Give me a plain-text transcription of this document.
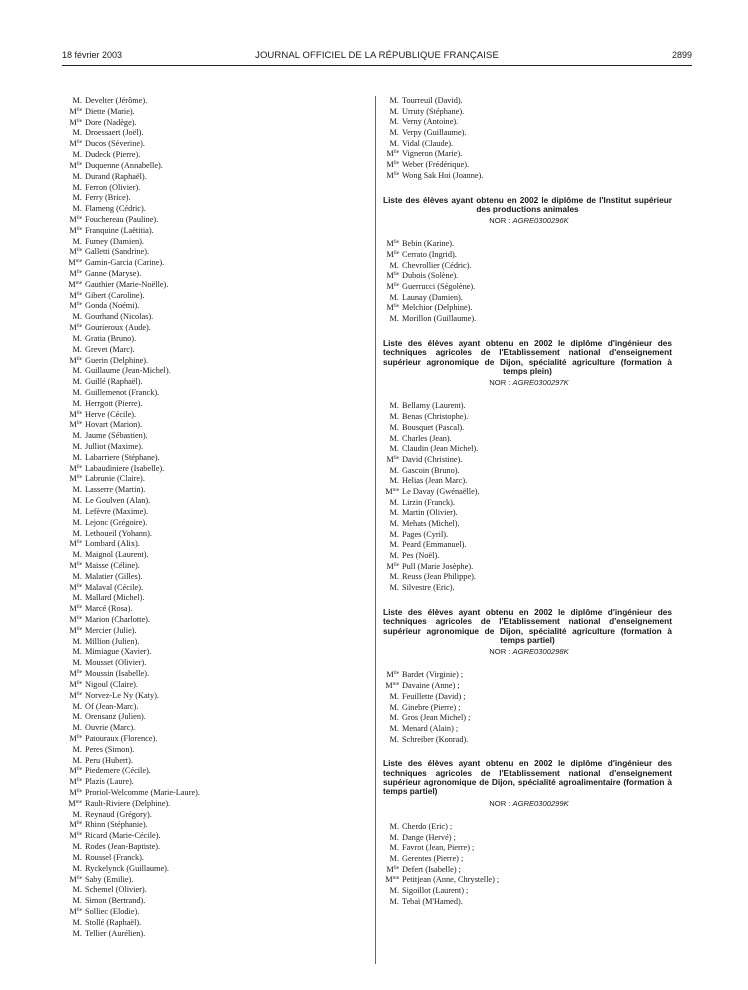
18 février 2003	JOURNAL OFFICIEL DE LA RÉPUBLIQUE FRANÇAISE	2899
M. Develter (Jérôme).
$M^{lle}$ Diette (Marie).
$M^{lle}$ Dore (Nadège).
M. Droessaert (Joël).
$M^{lle}$ Ducos (Séverine).
M. Dudeck (Pierre).
$M^{lle}$ Duquenne (Annabelle).
M. Durand (Raphaël).
M. Ferron (Olivier).
M. Ferry (Brice).
M. Flameng (Cédric).
$M^{lle}$ Fouchereau (Pauline).
$M^{lle}$ Franquine (Laëtitia).
M. Fumey (Damien).
$M^{lle}$ Galletti (Sandrine).
$M^{me}$ Gamin-Garcia (Carine).
$M^{lle}$ Ganne (Maryse).
$M^{me}$ Gauthier (Marie-Noëlle).
$M^{lle}$ Gibert (Caroline).
$M^{lle}$ Gonda (Noémi).
M. Gourhand (Nicolas).
$M^{lle}$ Gourieroux (Aude).
M. Gratia (Bruno).
M. Grevet (Marc).
$M^{lle}$ Guerin (Delphine).
M. Guillaume (Jean-Michel).
M. Guillé (Raphaël).
M. Guillemenot (Franck).
M. Herrgott (Pierre).
$M^{lle}$ Herve (Cécile).
$M^{lle}$ Hovart (Marion).
M. Jaume (Sébastien).
M. Julliot (Maxime).
M. Labarriere (Stéphane).
$M^{lle}$ Labaudiniere (Isabelle).
$M^{lle}$ Labrunie (Claire).
M. Lasserre (Martin).
M. Le Goulven (Alan).
M. Lefèvre (Maxime).
M. Lejonc (Grégoire).
M. Lethoueil (Yohann).
$M^{lle}$ Lombard (Alix).
M. Maignol (Laurent).
$M^{lle}$ Maisse (Céline).
M. Malatier (Gilles).
$M^{lle}$ Malaval (Cécile).
M. Mallard (Michel).
$M^{lle}$ Marcé (Rosa).
$M^{lle}$ Marion (Charlotte).
$M^{lle}$ Mercier (Julie).
M. Million (Julien).
M. Mimiague (Xavier).
M. Mousset (Olivier).
$M^{lle}$ Moussin (Isabelle).
$M^{lle}$ Nigoul (Claire).
$M^{lle}$ Norvez-Le Ny (Katy).
M. Of (Jean-Marc).
M. Orensanz (Julien).
M. Ouvrie (Marc).
$M^{lle}$ Patouraux (Florence).
M. Peres (Simon).
M. Peru (Hubert).
$M^{lle}$ Piedemere (Cécile).
$M^{lle}$ Plazis (Laure).
$M^{lle}$ Proriol-Welcomme (Marie-Laure).
$M^{me}$ Rault-Riviere (Delphine).
M. Reynaud (Grégory).
$M^{lle}$ Rhinn (Stéphanie).
$M^{lle}$ Ricard (Marie-Cécile).
M. Rodes (Jean-Baptiste).
M. Roussel (Franck).
M. Ryckelynck (Guillaume).
$M^{lle}$ Saby (Emilie).
M. Schemel (Olivier).
M. Simon (Bertrand).
$M^{lle}$ Solliec (Elodie).
M. Stollé (Raphaël).
M. Tellier (Aurélien).
M. Tourreuil (David).
M. Urruty (Stéphane).
M. Verny (Antoine).
M. Verpy (Guillaume).
M. Vidal (Claude).
$M^{lle}$ Vigneron (Marie).
$M^{lle}$ Weber (Frédérique).
$M^{lle}$ Wong Sak Hoi (Joanne).
Liste des élèves ayant obtenu en 2002 le diplôme de l'Institut supérieur des productions animales
NOR : AGRE0300296K
$M^{lle}$ Bebin (Karine).
$M^{lle}$ Cerrato (Ingrid).
M. Chevrollier (Cédric).
$M^{lle}$ Dubois (Solène).
$M^{lle}$ Guerrucci (Ségolène).
M. Launay (Damien).
$M^{lle}$ Melchior (Delphine).
M. Morillon (Guillaume).
Liste des élèves ayant obtenu en 2002 le diplôme d'ingénieur des techniques agricoles de l'Etablissement national d'enseignement supérieur agronomique de Dijon, spécialité agriculture (formation à temps plein)
NOR : AGRE0300297K
M. Bellamy (Laurent).
M. Benas (Christophe).
M. Bousquet (Pascal).
M. Charles (Jean).
M. Claudin (Jean Michel).
$M^{lle}$ David (Christine).
M. Gascoin (Bruno).
M. Helias (Jean Marc).
$M^{me}$ Le Davay (Gwénaëlle).
M. Lirzin (Franck).
M. Martin (Olivier).
M. Mehats (Michel).
M. Pages (Cyril).
M. Peard (Emmanuel).
M. Pes (Noël).
$M^{lle}$ Pull (Marie Josèphe).
M. Reuss (Jean Philippe).
M. Silvestre (Eric).
Liste des élèves ayant obtenu en 2002 le diplôme d'ingénieur des techniques agricoles de l'Etablissement national d'enseignement supérieur agronomique de Dijon, spécialité agriculture (formation à temps partiel)
NOR : AGRE0300298K
$M^{lle}$ Bardet (Virginie) ;
$M^{me}$ Davaine (Anne) ;
M. Feuillette (David) ;
M. Ginebre (Pierre) ;
M. Gros (Jean Michel) ;
M. Menard (Alain) ;
M. Schreiber (Konrad).
Liste des élèves ayant obtenu en 2002 le diplôme d'ingénieur des techniques agricoles de l'Etablissement national d'enseignement supérieur agronomique de Dijon, spécialité agroalimentaire (formation à temps partiel)
NOR : AGRE0300299K
M. Cherdo (Eric) ;
M. Dange (Hervé) ;
M. Favrot (Jean, Pierre) ;
M. Gerentes (Pierre) ;
$M^{lle}$ Defert (Isabelle) ;
$M^{me}$ Petitjean (Anne, Chrystelle) ;
M. Sigoillot (Laurent) ;
M. Tebaï (M'Hamed).
